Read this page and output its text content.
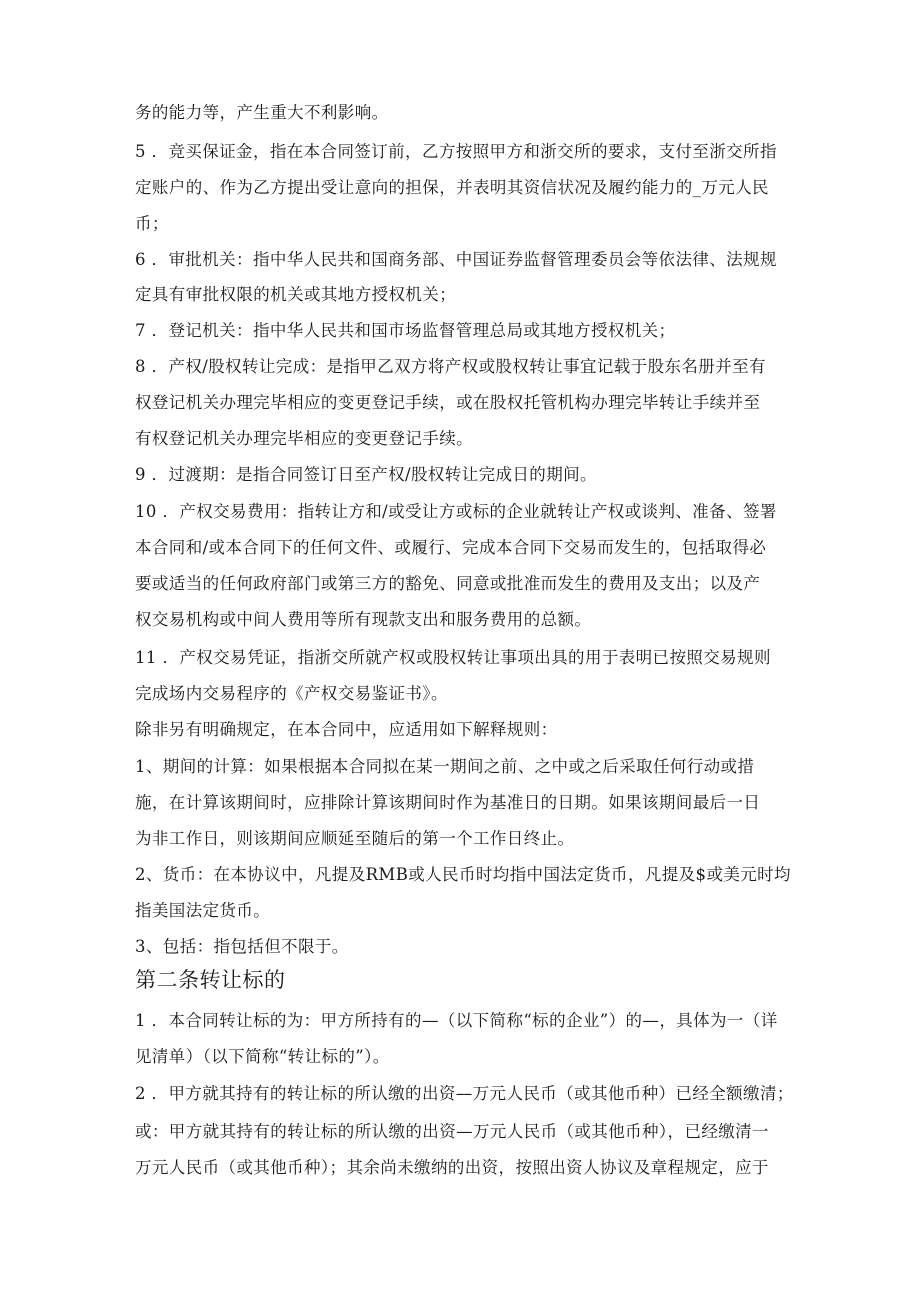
务的能力等，产生重大不利影响。
5 ．竞买保证金，指在本合同签订前，乙方按照甲方和浙交所的要求，支付至浙交所指
定账户的、作为乙方提出受让意向的担保，并表明其资信状况及履约能力的_万元人民
币；
6 ．审批机关：指中华人民共和国商务部、中国证券监督管理委员会等依法律、法规规
定具有审批权限的机关或其地方授权机关；
7 ．登记机关：指中华人民共和国市场监督管理总局或其地方授权机关；
8 ．产权/股权转让完成：是指甲乙双方将产权或股权转让事宜记载于股东名册并至有
权登记机关办理完毕相应的变更登记手续，或在股权托管机构办理完毕转让手续并至
有权登记机关办理完毕相应的变更登记手续。
9 ．过渡期：是指合同签订日至产权/股权转让完成日的期间。
10 ．产权交易费用：指转让方和/或受让方或标的企业就转让产权或谈判、准备、签署
本合同和/或本合同下的任何文件、或履行、完成本合同下交易而发生的，包括取得必
要或适当的任何政府部门或第三方的豁免、同意或批准而发生的费用及支出；以及产
权交易机构或中间人费用等所有现款支出和服务费用的总额。
11 ．产权交易凭证，指浙交所就产权或股权转让事项出具的用于表明已按照交易规则
完成场内交易程序的《产权交易鉴证书》。
除非另有明确规定，在本合同中，应适用如下解释规则：
1、期间的计算：如果根据本合同拟在某一期间之前、之中或之后采取任何行动或措
施，在计算该期间时，应排除计算该期间时作为基准日的日期。如果该期间最后一日
为非工作日，则该期间应顺延至随后的第一个工作日终止。
2、货币：在本协议中，凡提及RMB或人民币时均指中国法定货币，凡提及$或美元时均
指美国法定货币。
3、包括：指包括但不限于。
第二条转让标的
1 ．本合同转让标的为：甲方所持有的—（以下简称“标的企业”）的—，具体为一（详
见清单）（以下简称“转让标的”）。
2 ．甲方就其持有的转让标的所认缴的出资—万元人民币（或其他币种）已经全额缴清；
或：甲方就其持有的转让标的所认缴的出资—万元人民币（或其他币种），已经缴清一
万元人民币（或其他币种）；其余尚未缴纳的出资，按照出资人协议及章程规定，应于
